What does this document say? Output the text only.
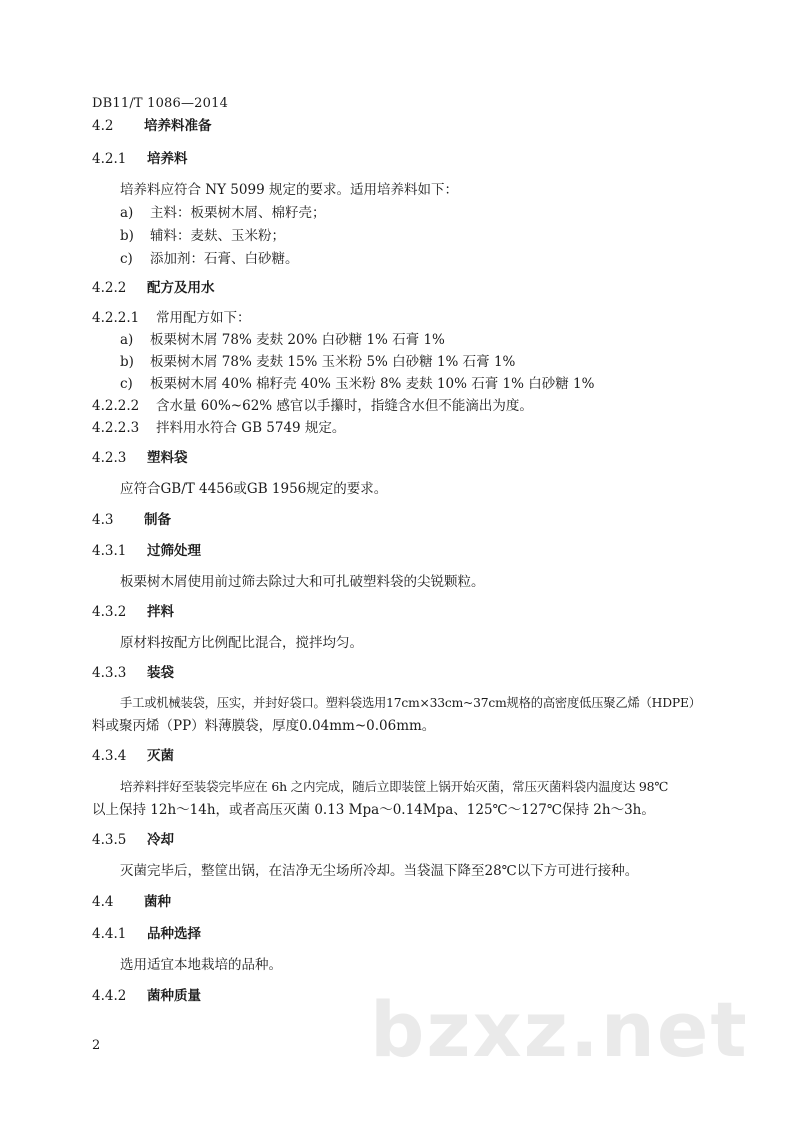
DB11/T 1086—2014
4.2 培养料准备
4.2.1 培养料
培养料应符合 NY 5099 规定的要求。适用培养料如下：
a) 主料：板栗树木屑、棉籽壳；
b) 辅料：麦麸、玉米粉；
c) 添加剂：石膏、白砂糖。
4.2.2 配方及用水
4.2.2.1 常用配方如下：
a) 板栗树木屑 78% 麦麸 20% 白砂糖 1% 石膏 1%
b) 板栗树木屑 78% 麦麸 15% 玉米粉 5% 白砂糖 1% 石膏 1%
c) 板栗树木屑 40% 棉籽壳 40% 玉米粉 8% 麦麸 10% 石膏 1% 白砂糖 1%
4.2.2.2 含水量 60%~62% 感官以手攥时，指缝含水但不能滴出为度。
4.2.2.3 拌料用水符合 GB 5749 规定。
4.2.3 塑料袋
应符合GB/T 4456或GB 1956规定的要求。
4.3 制备
4.3.1 过筛处理
板栗树木屑使用前过筛去除过大和可扎破塑料袋的尖锐颗粒。
4.3.2 拌料
原材料按配方比例配比混合，搅拌均匀。
4.3.3 装袋
手工或机械装袋，压实，并封好袋口。塑料袋选用17cm×33cm~37cm规格的高密度低压聚乙烯（HDPE）
料或聚丙烯（PP）料薄膜袋，厚度0.04mm~0.06mm。
4.3.4 灭菌
培养料拌好至装袋完毕应在 6h 之内完成，随后立即装筐上锅开始灭菌，常压灭菌料袋内温度达 98℃
以上保持 12h～14h，或者高压灭菌 0.13 Mpa～0.14Mpa、125℃～127℃保持 2h～3h。
4.3.5 冷却
灭菌完毕后，整筐出锅，在洁净无尘场所冷却。当袋温下降至28℃以下方可进行接种。
4.4 菌种
4.4.1 品种选择
选用适宜本地栽培的品种。
4.4.2 菌种质量 bzxz.net
2
